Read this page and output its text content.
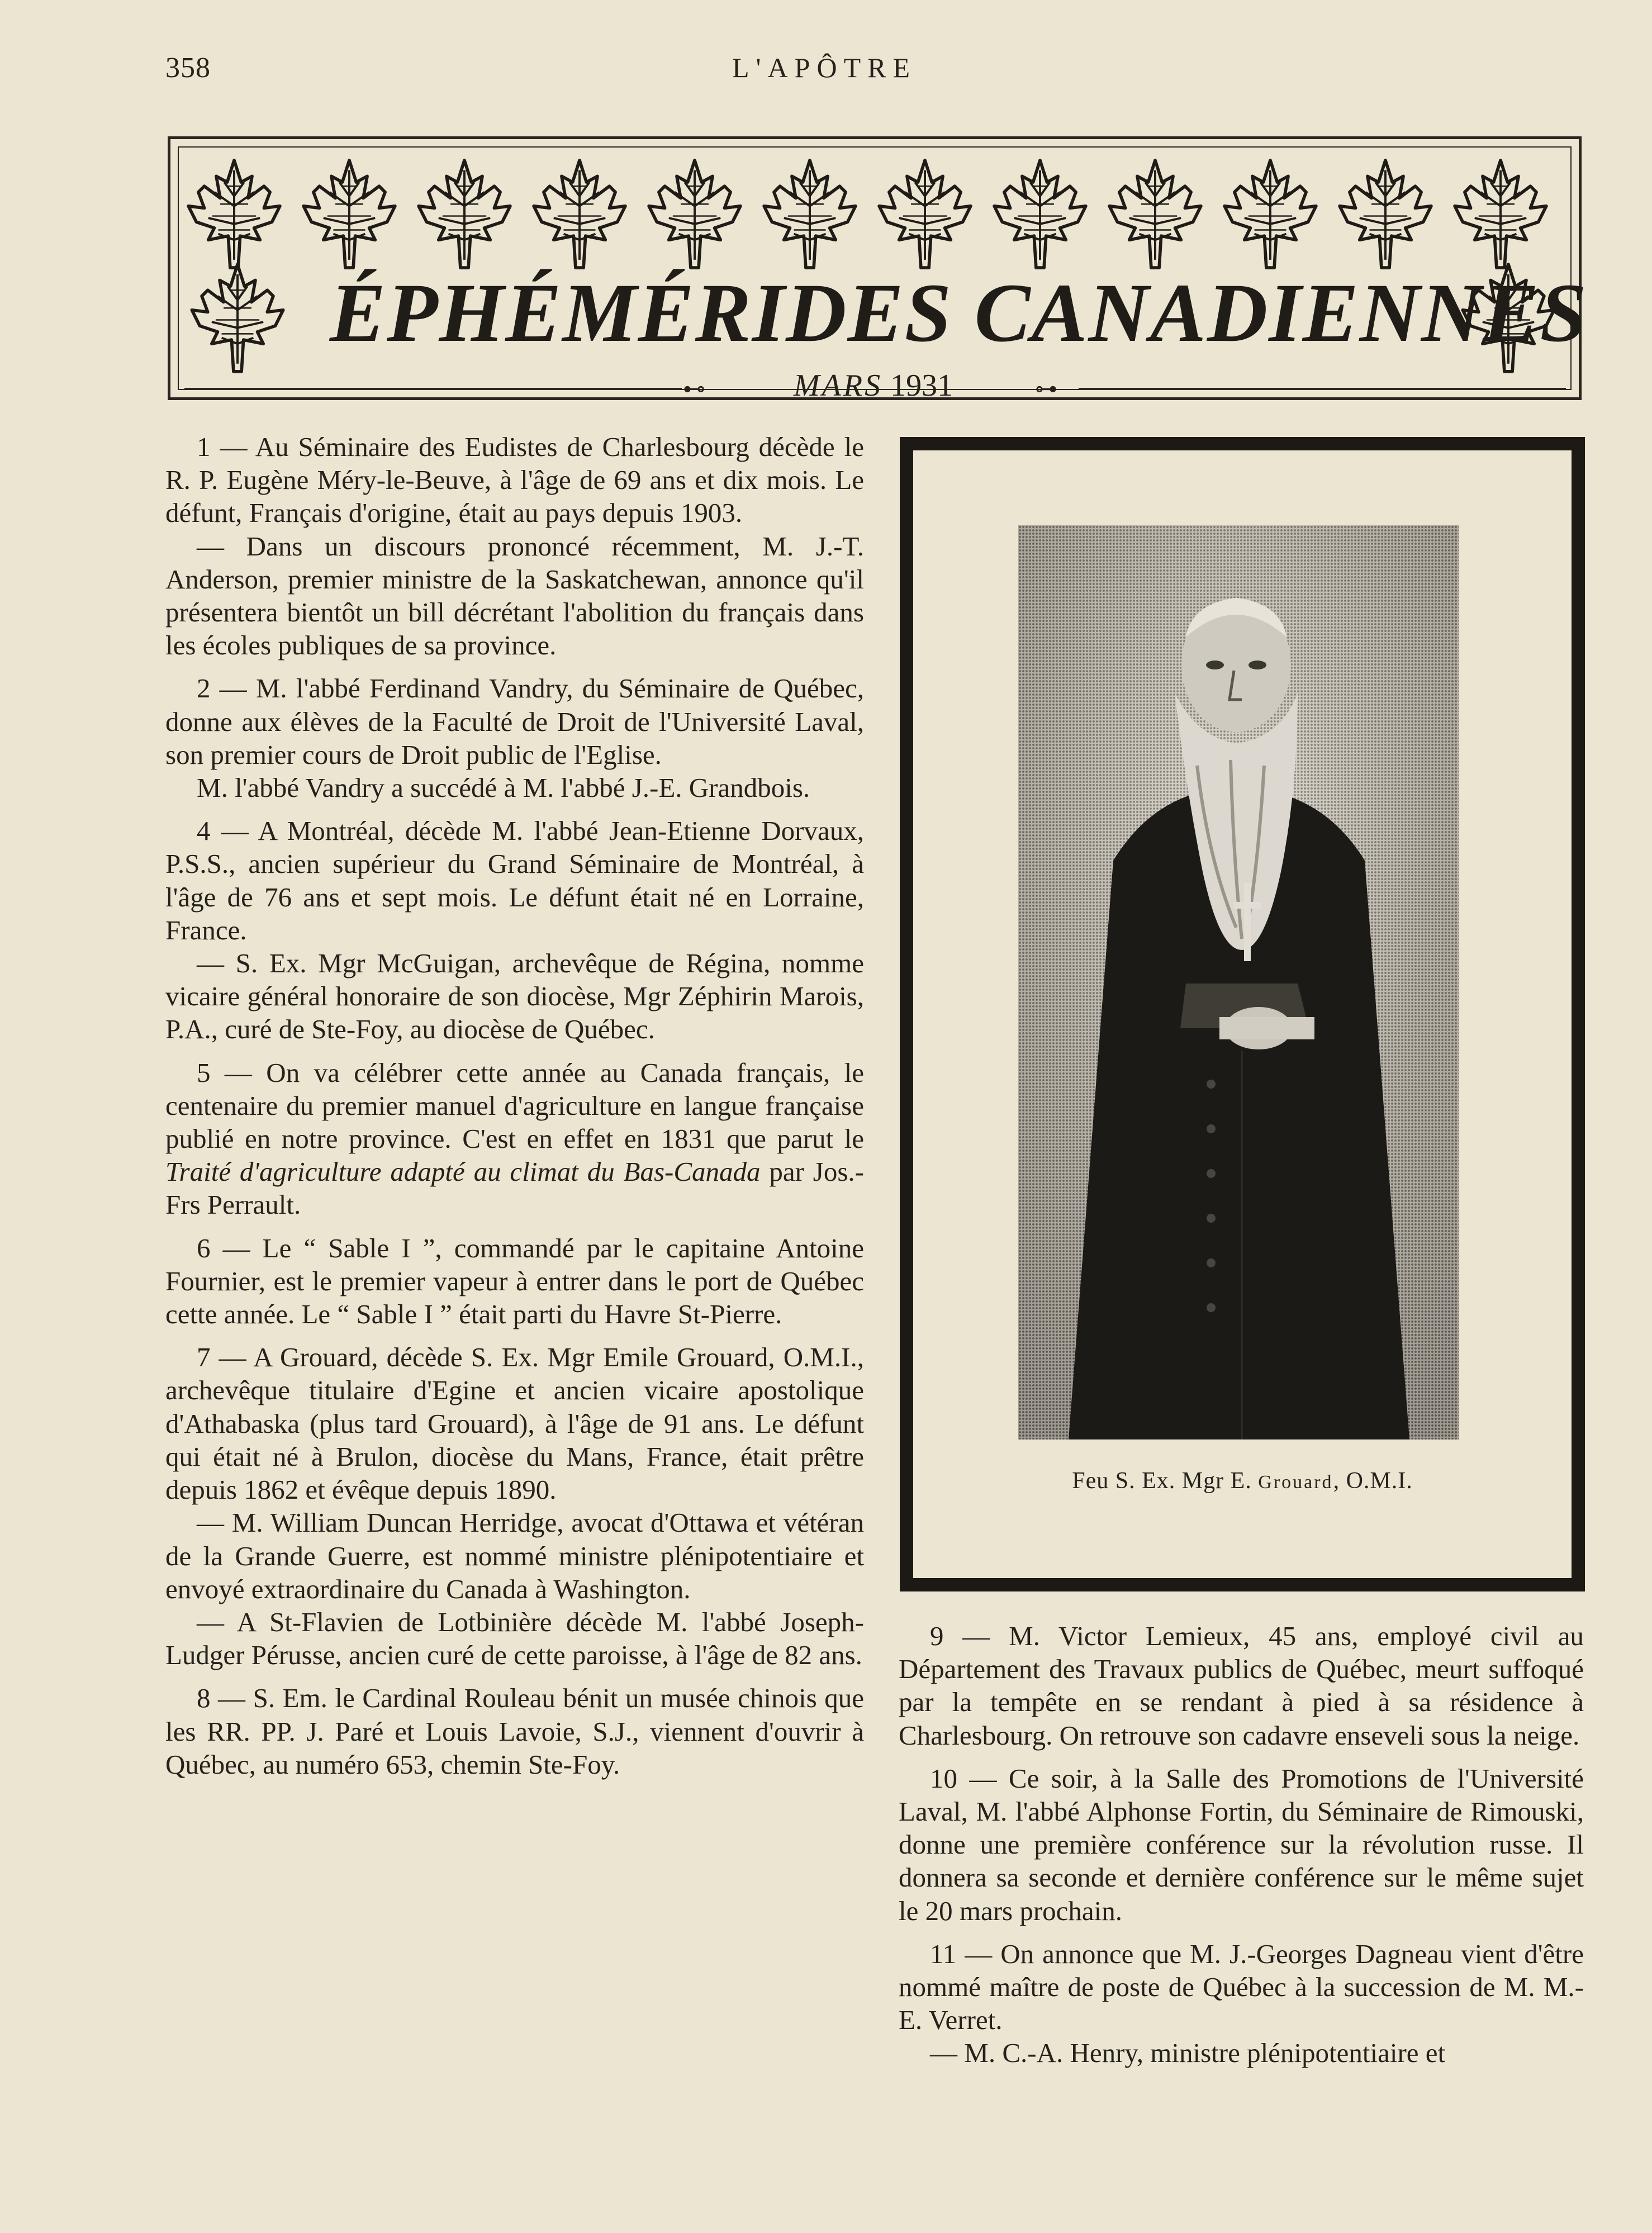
358	L'APÔTRE
ÉPHÉMÉRIDES CANADIENNES
⊷	MARS 1931	⊶

1 — Au Séminaire des Eudistes de Charlesbourg décède le R. P. Eugène Méry-le-Beuve, à l'âge de 69 ans et dix mois. Le défunt, Français d'origine, était au pays depuis 1903.

— Dans un discours prononcé récemment, M. J.-T. Anderson, premier ministre de la Saskatchewan, annonce qu'il présentera bientôt un bill décrétant l'abolition du français dans les écoles publiques de sa province.

2 — M. l'abbé Ferdinand Vandry, du Séminaire de Québec, donne aux élèves de la Faculté de Droit de l'Université Laval, son premier cours de Droit public de l'Eglise.

M. l'abbé Vandry a succédé à M. l'abbé J.-E. Grandbois.

4 — A Montréal, décède M. l'abbé Jean-Etienne Dorvaux, P.S.S., ancien supérieur du Grand Séminaire de Montréal, à l'âge de 76 ans et sept mois. Le défunt était né en Lorraine, France.

— S. Ex. Mgr McGuigan, archevêque de Régina, nomme vicaire général honoraire de son diocèse, Mgr Zéphirin Marois, P.A., curé de Ste-Foy, au diocèse de Québec.

5 — On va célébrer cette année au Canada français, le centenaire du premier manuel d'agriculture en langue française publié en notre province. C'est en effet en 1831 que parut le Traité d'agriculture adapté au climat du Bas-Canada par Jos.-Frs Perrault.

6 — Le “ Sable I ”, commandé par le capitaine Antoine Fournier, est le premier vapeur à entrer dans le port de Québec cette année. Le “ Sable I ” était parti du Havre St-Pierre.

7 — A Grouard, décède S. Ex. Mgr Emile Grouard, O.M.I., archevêque titulaire d'Egine et ancien vicaire apostolique d'Athabaska (plus tard Grouard), à l'âge de 91 ans. Le défunt qui était né à Brulon, diocèse du Mans, France, était prêtre depuis 1862 et évêque depuis 1890.

— M. William Duncan Herridge, avocat d'Ottawa et vétéran de la Grande Guerre, est nommé ministre plénipotentiaire et envoyé extraordinaire du Canada à Washington.

— A St-Flavien de Lotbinière décède M. l'abbé Joseph-Ludger Pérusse, ancien curé de cette paroisse, à l'âge de 82 ans.

8 — S. Em. le Cardinal Rouleau bénit un musée chinois que les RR. PP. J. Paré et Louis Lavoie, S.J., viennent d'ouvrir à Québec, au numéro 653, chemin Ste-Foy.

Feu S. Ex. Mgr E. Grouard, O.M.I.

9 — M. Victor Lemieux, 45 ans, employé civil au Département des Travaux publics de Québec, meurt suffoqué par la tempête en se rendant à pied à sa résidence à Charlesbourg. On retrouve son cadavre enseveli sous la neige.

10 — Ce soir, à la Salle des Promotions de l'Université Laval, M. l'abbé Alphonse Fortin, du Séminaire de Rimouski, donne une première conférence sur la révolution russe. Il donnera sa seconde et dernière conférence sur le même sujet le 20 mars prochain.

11 — On annonce que M. J.-Georges Dagneau vient d'être nommé maître de poste de Québec à la succession de M. M.-E. Verret.

— M. C.-A. Henry, ministre plénipotentiaire et
